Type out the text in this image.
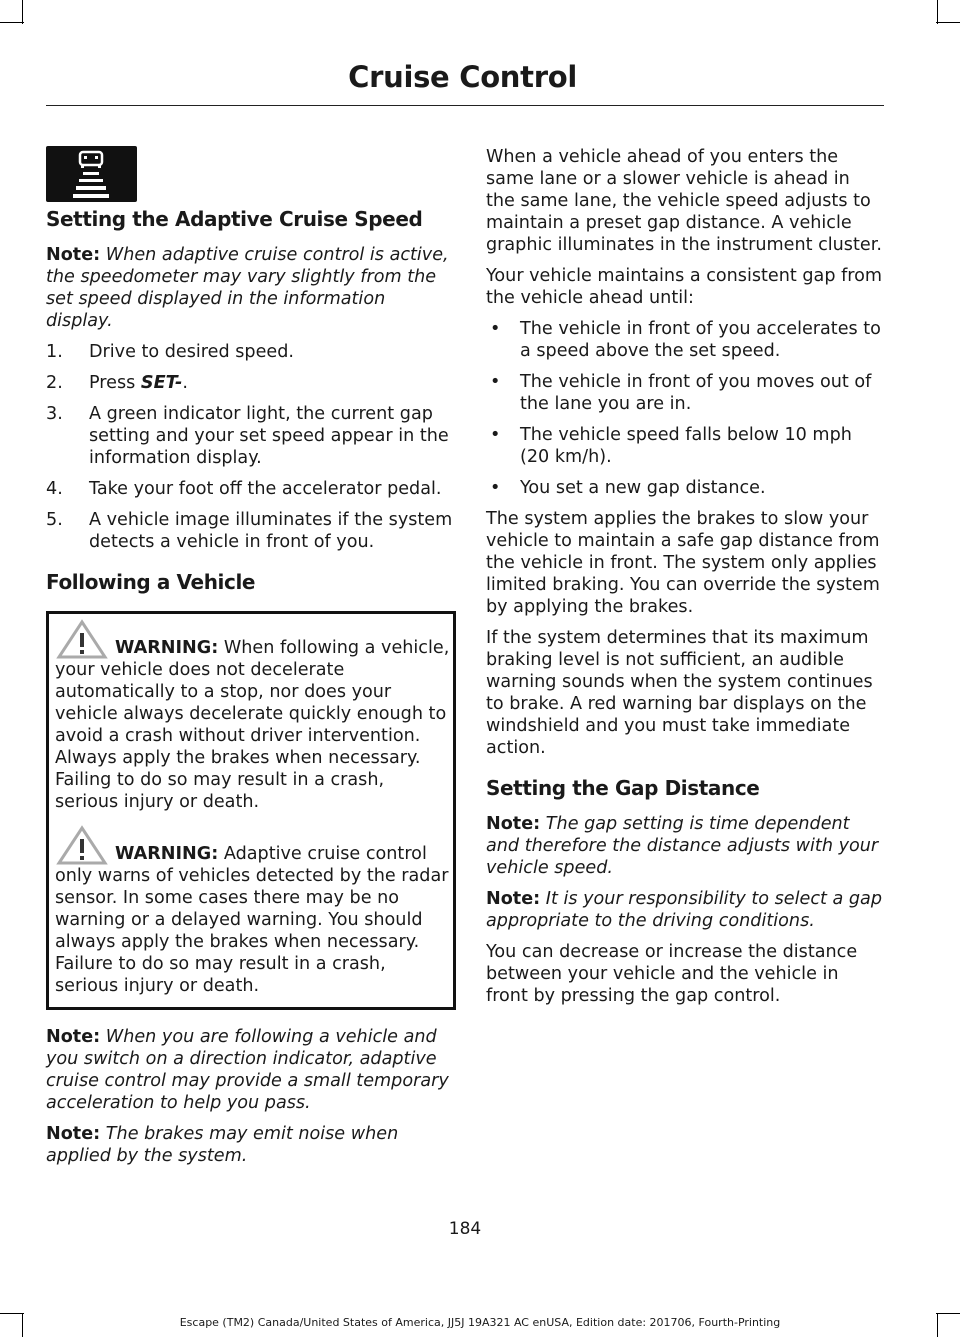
Cruise Control
Setting the Adaptive Cruise Speed

Note: When adaptive cruise control is active, the speedometer may vary slightly from the set speed displayed in the information display.

1. Drive to desired speed.
2. Press SET-.
3. A green indicator light, the current gap setting and your set speed appear in the information display.
4. Take your foot off the accelerator pedal.
5. A vehicle image illuminates if the system detects a vehicle in front of you.
Following a Vehicle

WARNING: When following a vehicle, your vehicle does not decelerate automatically to a stop, nor does your vehicle always decelerate quickly enough to avoid a crash without driver intervention. Always apply the brakes when necessary. Failing to do so may result in a crash, serious injury or death.

WARNING: Adaptive cruise control only warns of vehicles detected by the radar sensor. In some cases there may be no warning or a delayed warning. You should always apply the brakes when necessary. Failure to do so may result in a crash, serious injury or death.

Note: When you are following a vehicle and you switch on a direction indicator, adaptive cruise control may provide a small temporary acceleration to help you pass.

Note: The brakes may emit noise when applied by the system.

When a vehicle ahead of you enters the same lane or a slower vehicle is ahead in the same lane, the vehicle speed adjusts to maintain a preset gap distance. A vehicle graphic illuminates in the instrument cluster.

Your vehicle maintains a consistent gap from the vehicle ahead until:

• The vehicle in front of you accelerates to a speed above the set speed.
• The vehicle in front of you moves out of the lane you are in.
• The vehicle speed falls below 10 mph (20 km/h).
• You set a new gap distance.

The system applies the brakes to slow your vehicle to maintain a safe gap distance from the vehicle in front. The system only applies limited braking. You can override the system by applying the brakes.

If the system determines that its maximum braking level is not sufficient, an audible warning sounds when the system continues to brake. A red warning bar displays on the windshield and you must take immediate action.

Setting the Gap Distance

Note: The gap setting is time dependent and therefore the distance adjusts with your vehicle speed.

Note: It is your responsibility to select a gap appropriate to the driving conditions.

You can decrease or increase the distance between your vehicle and the vehicle in front by pressing the gap control.

184
Escape (TM2) Canada/United States of America, JJ5J 19A321 AC enUSA, Edition date: 201706, Fourth-Printing
